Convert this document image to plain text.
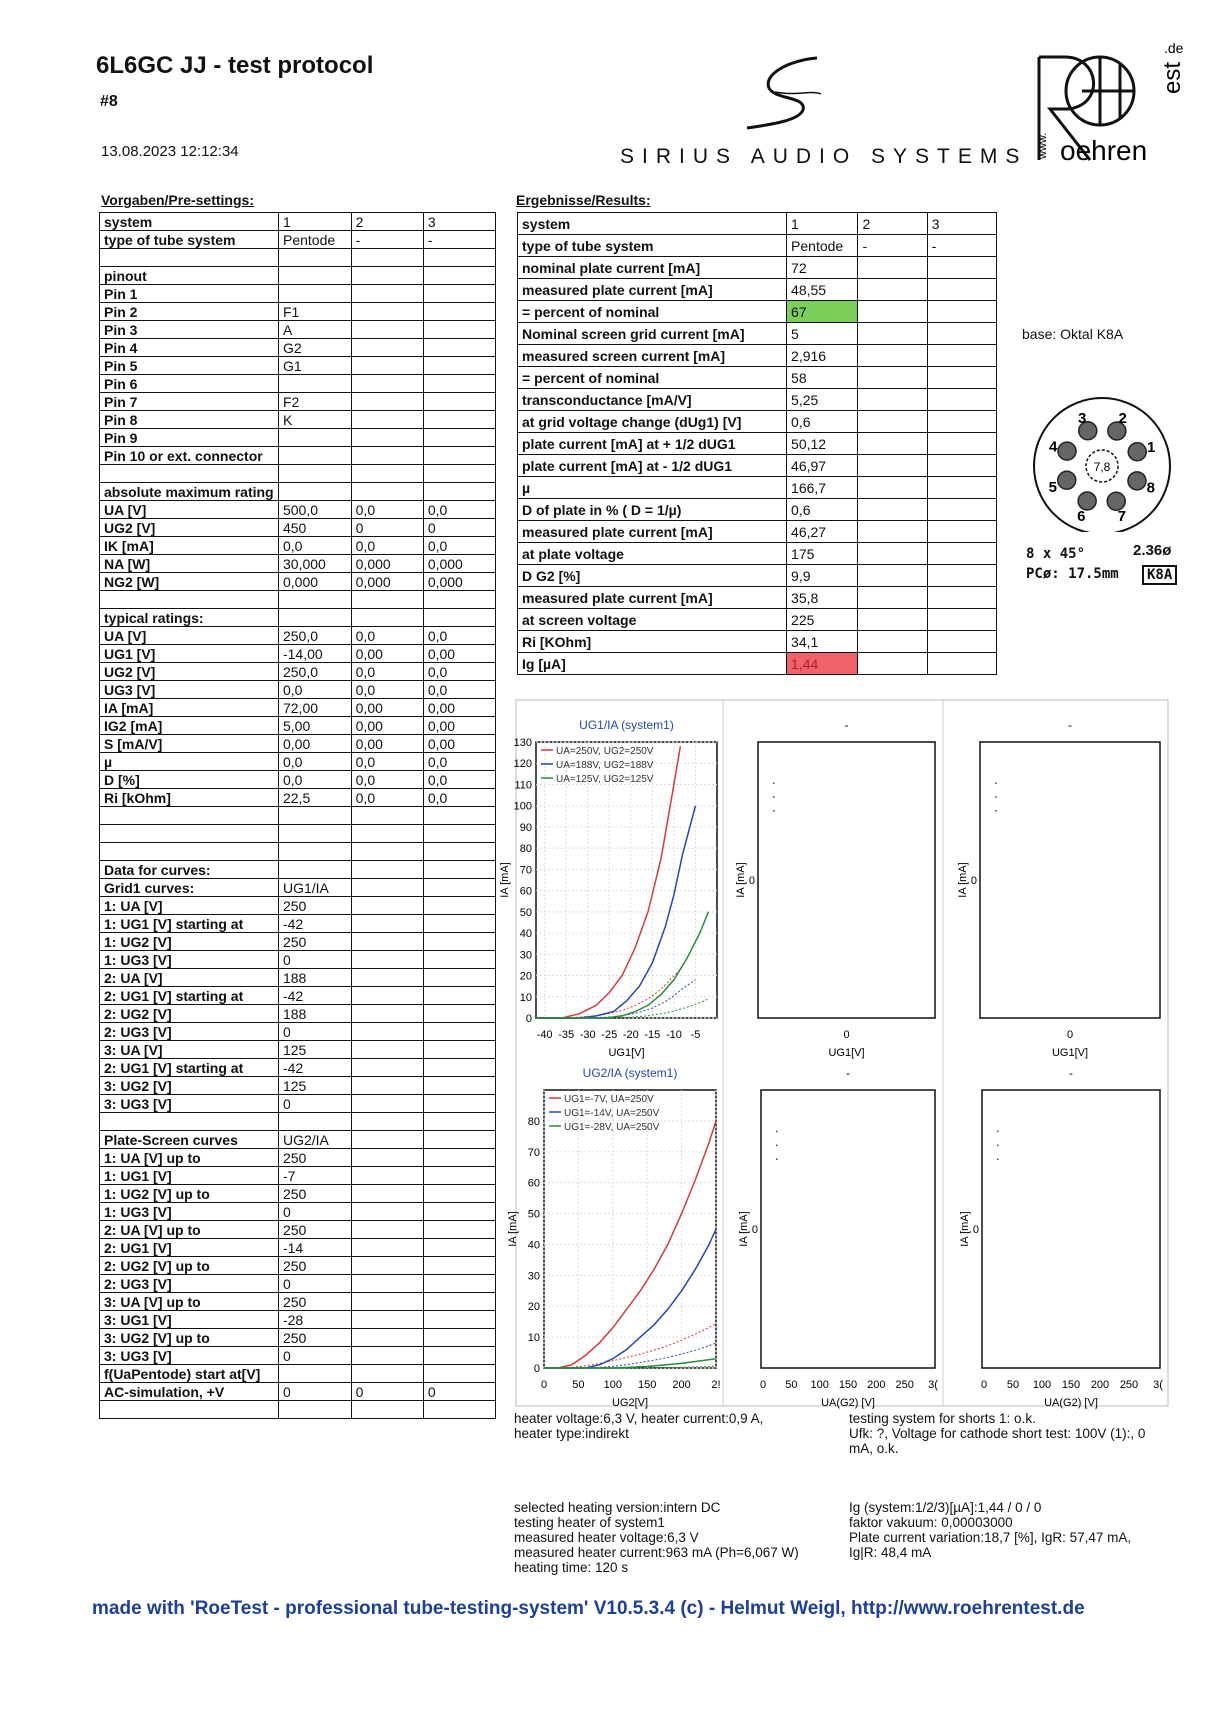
6L6GC JJ - test protocol
#8
13.08.2023 12:12:34	SIRIUS AUDIO SYSTEMS www. oehren
est
.de
Vorgaben/Pre-settings:	Ergebnisse/Results:
system	1	2	3
type of tube system	Pentode	-	-

pinout			
Pin 1			
Pin 2	F1		
Pin 3	A		
Pin 4	G2		
Pin 5	G1		
Pin 6			
Pin 7	F2		
Pin 8	K		
Pin 9			
Pin 10 or ext. connector			

absolute maximum rating			
UA [V]	500,0	0,0	0,0
UG2 [V]	450	0	0
IK [mA]	0,0	0,0	0,0
NA [W]	30,000	0,000	0,000
NG2 [W]	0,000	0,000	0,000

typical ratings:			
UA [V]	250,0	0,0	0,0
UG1 [V]	-14,00	0,00	0,00
UG2 [V]	250,0	0,0	0,0
UG3 [V]	0,0	0,0	0,0
IA [mA]	72,00	0,00	0,00
IG2 [mA]	5,00	0,00	0,00
S [mA/V]	0,00	0,00	0,00
µ	0,0	0,0	0,0
D [%]	0,0	0,0	0,0
Ri [kOhm]	22,5	0,0	0,0

Data for curves:			
Grid1 curves:	UG1/IA		
1: UA [V]	250		
1: UG1 [V] starting at	-42		
1: UG2 [V]	250		
1: UG3 [V]	0		
2: UA [V]	188		
2: UG1 [V] starting at	-42		
2: UG2 [V]	188		
2: UG3 [V]	0		
3: UA [V]	125		
2: UG1 [V] starting at	-42		
3: UG2 [V]	125		
3: UG3 [V]	0		

Plate-Screen curves	UG2/IA		
1: UA [V] up to	250		
1: UG1 [V]	-7		
1: UG2 [V] up to	250		
1: UG3 [V]	0		
2: UA [V] up to	250		
2: UG1 [V]	-14		
2: UG2 [V] up to	250		
2: UG3 [V]	0		
3: UA [V] up to	250		
3: UG1 [V]	-28		
3: UG2 [V] up to	250		
3: UG3 [V]	0		
f(UaPentode) start at[V]			
AC-simulation, +V	0	0	0

system	1	2	3
type of tube system	Pentode	-	-
nominal plate current [mA]	72		
measured plate current [mA]	48,55		
= percent of nominal	67		
Nominal screen grid current [mA]	5		
measured screen current [mA]	2,916		
= percent of nominal	58		
transconductance [mA/V]	5,25		
at grid voltage change (dUg1) [V]	0,6		
plate current [mA] at + 1/2 dUG1	50,12		
plate current [mA] at - 1/2 dUG1	46,97		
µ	166,7		
D of plate in % ( D = 1/µ)	0,6		
measured plate current [mA]	46,27		
at plate voltage	175		
D G2 [%]	9,9		
measured plate current [mA]	35,8		
at screen voltage	225		
Ri [KOhm]	34,1		
Ig [µA]	1,44		
base: Oktal K8A
7,8
1
2
3
4
5
6 7
8
8 x 45°	2.36ø
PCø: 17.5mm	K8A
UG1/IA (system1)
IA [mA]
UG1[V]
-40 -35 -30 -25 -20 -15 -10 -5
0
10
20
30
40
50
60
70
80
90
100
110
120
130
UA=250V, UG2=250V
UA=188V, UG2=188V
UA=125V, UG2=125V
-
IA [mA]
UG1[V]
0
0
-
IA [mA]
UG1[V]
0
0
UG2/IA (system1)
IA [mA]
UG2[V]
0 50 100 150 200 2!
0
10
20
30
40
50
60
70
80
UG1=-7V, UA=250V
UG1=-14V, UA=250V
UG1=-28V, UA=250V
-
IA [mA]
UA(G2) [V]
0 50 100 150 200 250 3(
0
-
IA [mA]
UA(G2) [V]
0 50 100 150 200 250 3(
0
heater voltage:6,3 V, heater current:0,9 A,
heater type:indirekt
testing system for shorts 1: o.k.
Ufk: ?, Voltage for cathode short test: 100V (1):, 0
mA, o.k.
selected heating version:intern DC
testing heater of system1
measured heater voltage:6,3 V
measured heater current:963 mA (Ph=6,067 W)
heating time: 120 s
Ig (system:1/2/3)[µA]:1,44 / 0 / 0
faktor vakuum: 0,00003000
Plate current variation:18,7 [%], IgR: 57,47 mA,
Ig|R: 48,4 mA
made with 'RoeTest - professional tube-testing-system' V10.5.3.4 (c) - Helmut Weigl, http://www.roehrentest.de
